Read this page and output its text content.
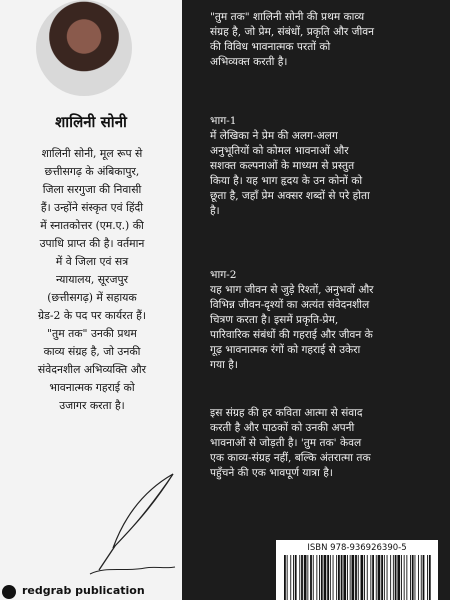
शालिनी सोनी
शालिनी सोनी, मूल रूप से
छत्तीसगढ़ के अंबिकापुर,
जिला सरगुजा की निवासी
हैं। उन्होंने संस्कृत एवं हिंदी
में स्नातकोत्तर (एम.ए.) की
उपाधि प्राप्त की है। वर्तमान
में वे जिला एवं सत्र
न्यायालय, सूरजपुर
(छत्तीसगढ़) में सहायक
ग्रेड-2 के पद पर कार्यरत हैं।
"तुम तक" उनकी प्रथम
काव्य संग्रह है, जो उनकी
संवेदनशील अभिव्यक्ति और
भावनात्मक गहराई को
उजागर करता है।
redgrab publication
"तुम तक" शालिनी सोनी की प्रथम काव्य
संग्रह है, जो प्रेम, संबंधों, प्रकृति और जीवन
की विविध भावनात्मक परतों को
अभिव्यक्त करती है।
भाग-1
में लेखिका ने प्रेम की अलग-अलग
अनुभूतियों को कोमल भावनाओं और
सशक्त कल्पनाओं के माध्यम से प्रस्तुत
किया है। यह भाग हृदय के उन कोनों को
छूता है, जहाँ प्रेम अक्सर शब्दों से परे होता
है।
भाग-2
यह भाग जीवन से जुड़े रिश्तों, अनुभवों और
विभिन्न जीवन-दृश्यों का अत्यंत संवेदनशील
चित्रण करता है। इसमें प्रकृति-प्रेम,
पारिवारिक संबंधों की गहराई और जीवन के
गूढ़ भावनात्मक रंगों को गहराई से उकेरा
गया है।
इस संग्रह की हर कविता आत्मा से संवाद
करती है और पाठकों को उनकी अपनी
भावनाओं से जोड़ती है। 'तुम तक' केवल
एक काव्य-संग्रह नहीं, बल्कि अंतरात्मा तक
पहुँचने की एक भावपूर्ण यात्रा है।
ISBN 978-936926390-5
